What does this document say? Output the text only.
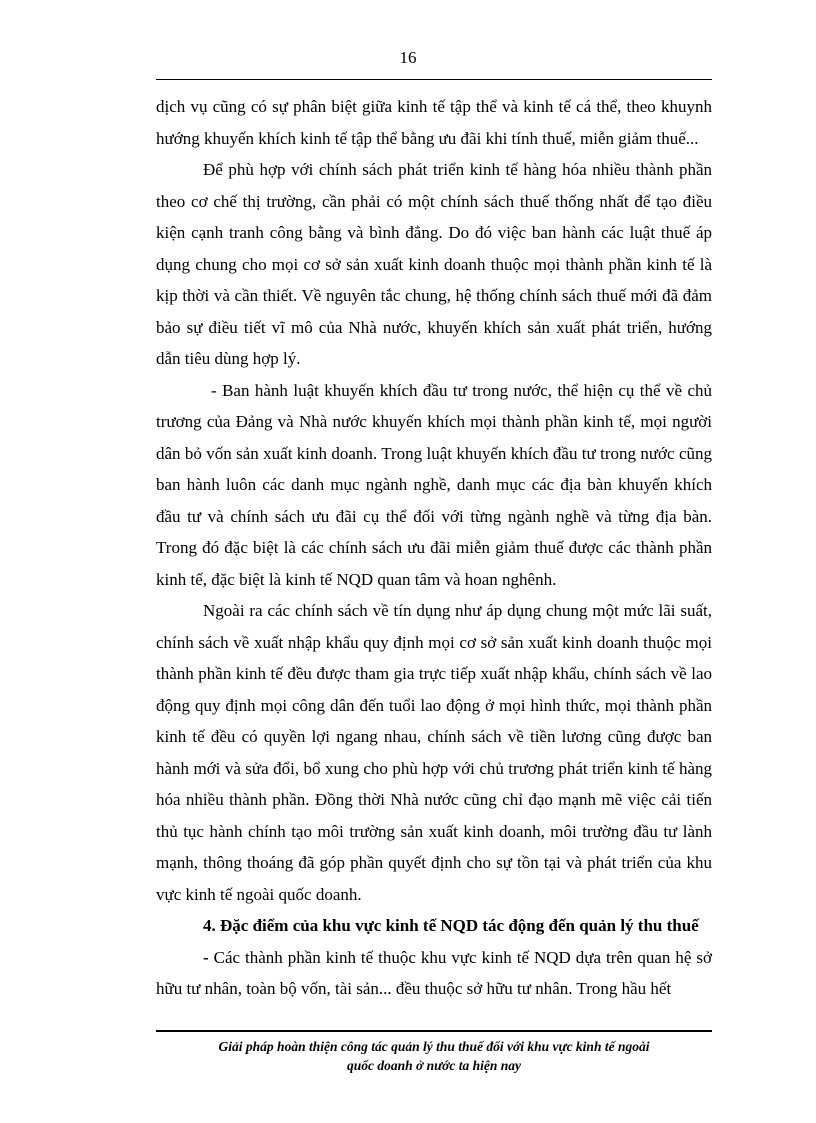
16

dịch vụ cũng có sự phân biệt giữa kinh tế tập thể và kinh tế cá thể, theo khuynh hướng khuyến khích kinh tế tập thể bằng ưu đãi khi tính thuế, miễn giảm thuế...

Để phù hợp với chính sách phát triển kinh tế hàng hóa nhiều thành phần theo cơ chế thị trường, cần phải có một chính sách thuế thống nhất để tạo điều kiện cạnh tranh công bằng và bình đẳng. Do đó việc ban hành các luật thuế áp dụng chung cho mọi cơ sở sản xuất kinh doanh thuộc mọi thành phần kinh tế là kịp thời và cần thiết. Về nguyên tắc chung, hệ thống chính sách thuế mới đã đảm bảo sự điều tiết vĩ mô của Nhà nước, khuyến khích sản xuất phát triển, hướng dẫn tiêu dùng hợp lý.

- Ban hành luật khuyến khích đầu tư trong nước, thể hiện cụ thể về chủ trương của Đảng và Nhà nước khuyến khích mọi thành phần kinh tế, mọi người dân bỏ vốn sản xuất kinh doanh. Trong luật khuyến khích đầu tư trong nước cũng ban hành luôn các danh mục ngành nghề, danh mục các địa bàn khuyến khích đầu tư và chính sách ưu đãi cụ thể đối với từng ngành nghề và từng địa bàn. Trong đó đặc biệt là các chính sách ưu đãi miễn giảm thuế được các thành phần kinh tế, đặc biệt là kinh tế NQD quan tâm và hoan nghênh.

Ngoài ra các chính sách về tín dụng như áp dụng chung một mức lãi suất, chính sách về xuất nhập khẩu quy định mọi cơ sở sản xuất kinh doanh thuộc mọi thành phần kinh tế đều được tham gia trực tiếp xuất nhập khẩu, chính sách về lao động quy định mọi công dân đến tuổi lao động ở mọi hình thức, mọi thành phần kinh tế đều có quyền lợi ngang nhau, chính sách về tiền lương cũng được ban hành mới và sửa đổi, bổ xung cho phù hợp với chủ trương phát triển kinh tế hàng hóa nhiều thành phần. Đồng thời Nhà nước cũng chỉ đạo mạnh mẽ việc cải tiến thủ tục hành chính tạo môi trường sản xuất kinh doanh, môi trường đầu tư lành mạnh, thông thoáng đã góp phần quyết định cho sự tồn tại và phát triển của khu vực kinh tế ngoài quốc doanh.

4. Đặc điểm của khu vực kinh tế NQD tác động đến quản lý thu thuế

- Các thành phần kinh tế thuộc khu vực kinh tế NQD dựa trên quan hệ sở hữu tư nhân, toàn bộ vốn, tài sản... đều thuộc sở hữu tư nhân. Trong hầu hết

Giải pháp hoàn thiện công tác quản lý thu thuế đối với khu vực kinh tế ngoài
quốc doanh ở nước ta hiện nay
